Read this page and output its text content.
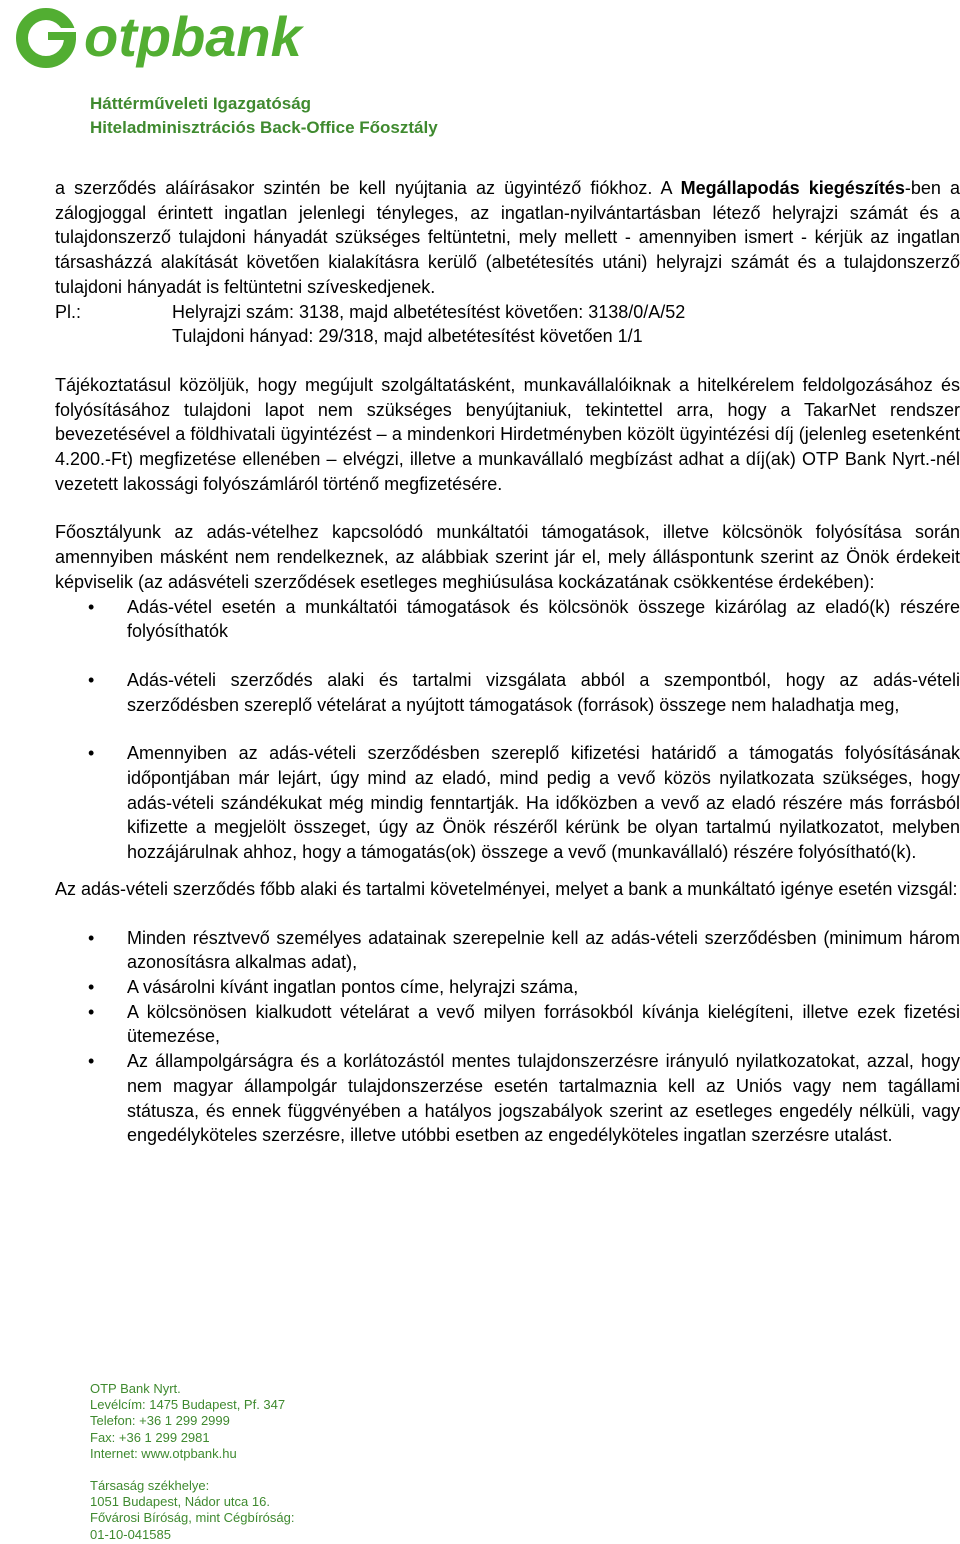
otpbank
Háttérműveleti Igazgatóság
Hiteladminisztrációs Back-Office Főosztály

a szerződés aláírásakor szintén be kell nyújtania az ügyintéző fiókhoz. A Megállapodás kiegészítés-ben a zálogjoggal érintett ingatlan jelenlegi tényleges, az ingatlan-nyilvántartásban létező helyrajzi számát és a tulajdonszerző tulajdoni hányadát szükséges feltüntetni, mely mellett - amennyiben ismert - kérjük az ingatlan társasházzá alakítását követően kialakításra kerülő (albetétesítés utáni) helyrajzi számát és a tulajdonszerző tulajdoni hányadát is feltüntetni szíveskedjenek.

Pl.:	Helyrajzi szám: 3138, majd albetétesítést követően: 3138/0/A/52
Tulajdoni hányad: 29/318, majd albetétesítést követően 1/1

Tájékoztatásul közöljük, hogy megújult szolgáltatásként, munkavállalóiknak a hitelkérelem feldolgozásához és folyósításához tulajdoni lapot nem szükséges benyújtaniuk, tekintettel arra, hogy a TakarNet rendszer bevezetésével a földhivatali ügyintézést – a mindenkori Hirdetményben közölt ügyintézési díj (jelenleg esetenként 4.200.-Ft) megfizetése ellenében – elvégzi, illetve a munkavállaló megbízást adhat a díj(ak) OTP Bank Nyrt.-nél vezetett lakossági folyószámláról történő megfizetésére.

Főosztályunk az adás-vételhez kapcsolódó munkáltatói támogatások, illetve kölcsönök folyósítása során amennyiben másként nem rendelkeznek, az alábbiak szerint jár el, mely álláspontunk szerint az Önök érdekeit képviselik (az adásvételi szerződések esetleges meghiúsulása kockázatának csökkentése érdekében):

• Adás-vétel esetén a munkáltatói támogatások és kölcsönök összege kizárólag az eladó(k) részére folyósíthatók
• Adás-vételi szerződés alaki és tartalmi vizsgálata abból a szempontból, hogy az adás-vételi szerződésben szereplő vételárat a nyújtott támogatások (források) összege nem haladhatja meg,
• Amennyiben az adás-vételi szerződésben szereplő kifizetési határidő a támogatás folyósításának időpontjában már lejárt, úgy mind az eladó, mind pedig a vevő közös nyilatkozata szükséges, hogy adás-vételi szándékukat még mindig fenntartják. Ha időközben a vevő az eladó részére más forrásból kifizette a megjelölt összeget, úgy az Önök részéről kérünk be olyan tartalmú nyilatkozatot, melyben hozzájárulnak ahhoz, hogy a támogatás(ok) összege a vevő (munkavállaló) részére folyósítható(k).

Az adás-vételi szerződés főbb alaki és tartalmi követelményei, melyet a bank a munkáltató igénye esetén vizsgál:

• Minden résztvevő személyes adatainak szerepelnie kell az adás-vételi szerződésben (minimum három azonosításra alkalmas adat),
• A vásárolni kívánt ingatlan pontos címe, helyrajzi száma,
• A kölcsönösen kialkudott vételárat a vevő milyen forrásokból kívánja kielégíteni, illetve ezek fizetési ütemezése,
• Az állampolgárságra és a korlátozástól mentes tulajdonszerzésre irányuló nyilatkozatokat, azzal, hogy nem magyar állampolgár tulajdonszerzése esetén tartalmaznia kell az Uniós vagy nem tagállami státusza, és ennek függvényében a hatályos jogszabályok szerint az esetleges engedély nélküli, vagy engedélyköteles szerzésre, illetve utóbbi esetben az engedélyköteles ingatlan szerzésre utalást.
OTP Bank Nyrt.
Levélcím: 1475 Budapest, Pf. 347
Telefon: +36 1 299 2999
Fax: +36 1 299 2981
Internet: www.otpbank.hu
Társaság székhelye:
1051 Budapest, Nádor utca 16.
Fővárosi Bíróság, mint Cégbíróság:
01-10-041585
